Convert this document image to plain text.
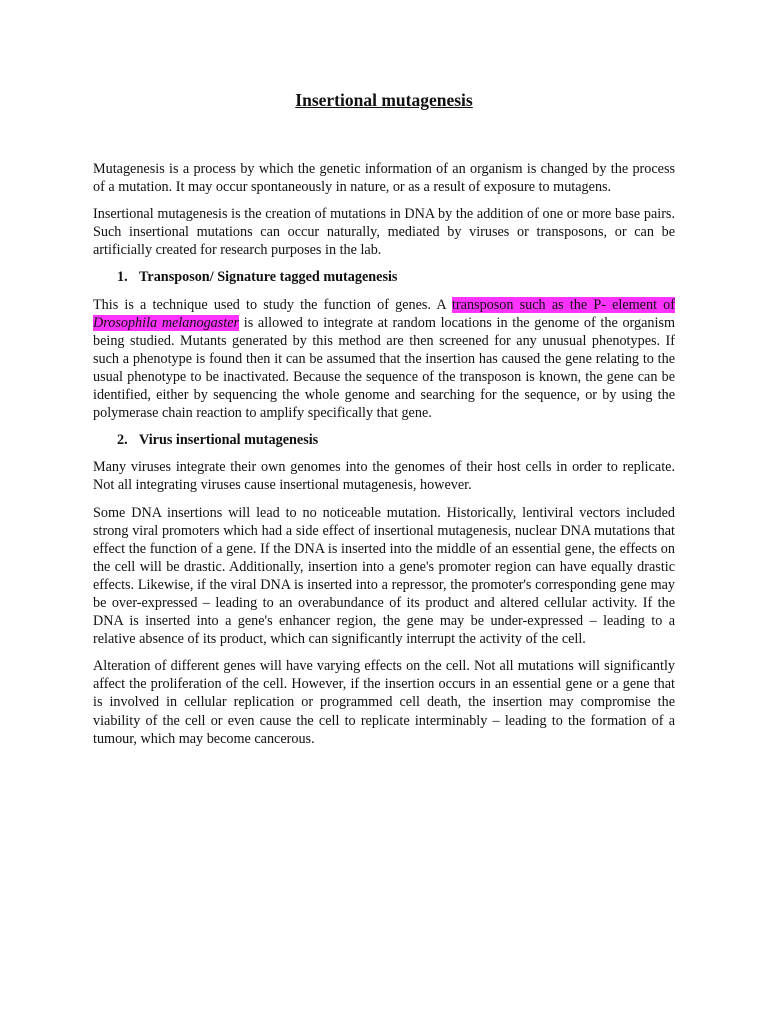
Insertional mutagenesis

Mutagenesis is a process by which the genetic information of an organism is changed by the process of a mutation. It may occur spontaneously in nature, or as a result of exposure to mutagens.

Insertional mutagenesis is the creation of mutations in DNA by the addition of one or more base pairs. Such insertional mutations can occur naturally, mediated by viruses or transposons, or can be artificially created for research purposes in the lab.

1. Transposon/ Signature tagged mutagenesis

This is a technique used to study the function of genes. A transposon such as the P- element of Drosophila melanogaster is allowed to integrate at random locations in the genome of the organism being studied. Mutants generated by this method are then screened for any unusual phenotypes. If such a phenotype is found then it can be assumed that the insertion has caused the gene relating to the usual phenotype to be inactivated. Because the sequence of the transposon is known, the gene can be identified, either by sequencing the whole genome and searching for the sequence, or by using the polymerase chain reaction to amplify specifically that gene.

2. Virus insertional mutagenesis

Many viruses integrate their own genomes into the genomes of their host cells in order to replicate. Not all integrating viruses cause insertional mutagenesis, however.

Some DNA insertions will lead to no noticeable mutation. Historically, lentiviral vectors included strong viral promoters which had a side effect of insertional mutagenesis, nuclear DNA mutations that effect the function of a gene. If the DNA is inserted into the middle of an essential gene, the effects on the cell will be drastic. Additionally, insertion into a gene's promoter region can have equally drastic effects. Likewise, if the viral DNA is inserted into a repressor, the promoter's corresponding gene may be over-expressed – leading to an overabundance of its product and altered cellular activity. If the DNA is inserted into a gene's enhancer region, the gene may be under-expressed – leading to a relative absence of its product, which can significantly interrupt the activity of the cell.

Alteration of different genes will have varying effects on the cell. Not all mutations will significantly affect the proliferation of the cell. However, if the insertion occurs in an essential gene or a gene that is involved in cellular replication or programmed cell death, the insertion may compromise the viability of the cell or even cause the cell to replicate interminably – leading to the formation of a tumour, which may become cancerous.
